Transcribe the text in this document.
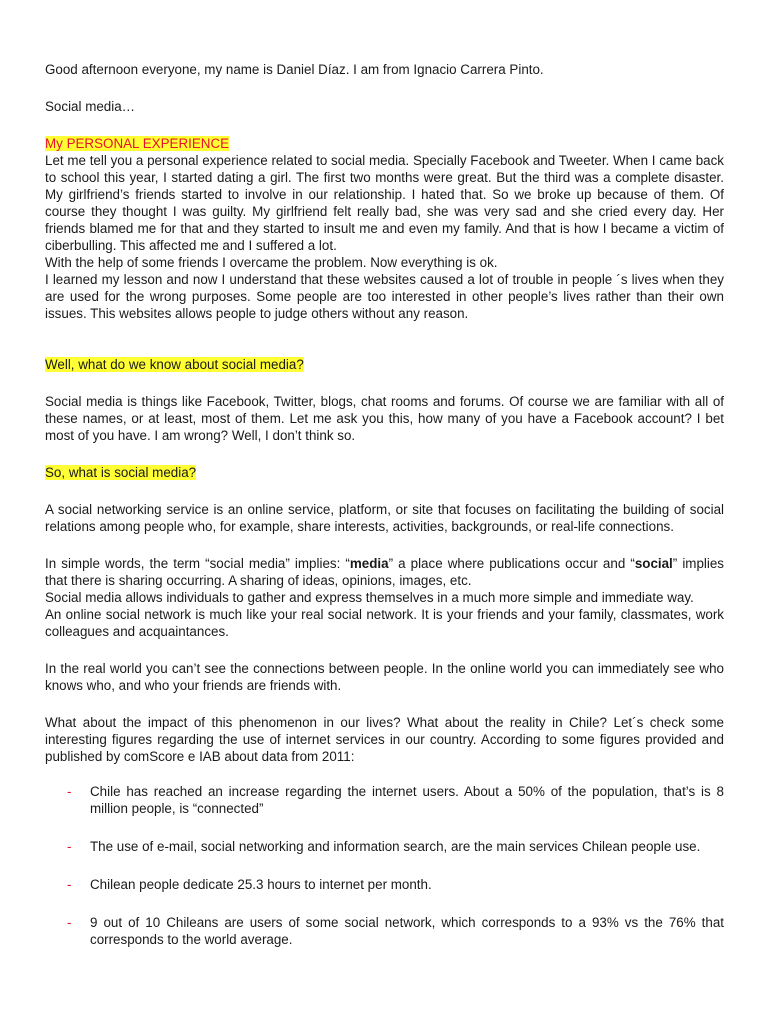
Good afternoon everyone, my name is Daniel Díaz. I am from Ignacio Carrera Pinto.

Social media…

My PERSONAL EXPERIENCE

Let me tell you a personal experience related to social media. Specially Facebook and Tweeter. When I came back to school this year, I started dating a girl. The first two months were great. But the third was a complete disaster. My girlfriend’s friends started to involve in our relationship. I hated that. So we broke up because of them. Of course they thought I was guilty. My girlfriend felt really bad, she was very sad and she cried every day. Her friends blamed me for that and they started to insult me and even my family. And that is how I became a victim of ciberbulling. This affected me and I suffered a lot.

With the help of some friends I overcame the problem. Now everything is ok.

I learned my lesson and now I understand that these websites caused a lot of trouble in people ´s lives when they are used for the wrong purposes. Some people are too interested in other people’s lives rather than their own issues. This websites allows people to judge others without any reason.

Well, what do we know about social media?

Social media is things like Facebook, Twitter, blogs, chat rooms and forums. Of course we are familiar with all of these names, or at least, most of them. Let me ask you this, how many of you have a Facebook account? I bet most of you have. I am wrong? Well, I don’t think so.

So, what is social media?

A social networking service is an online service, platform, or site that focuses on facilitating the building of social relations among people who, for example, share interests, activities, backgrounds, or real-life connections.

In simple words, the term “social media” implies: “media” a place where publications occur and “social” implies that there is sharing occurring. A sharing of ideas, opinions, images, etc.

Social media allows individuals to gather and express themselves in a much more simple and immediate way.

An online social network is much like your real social network. It is your friends and your family, classmates, work colleagues and acquaintances.

In the real world you can’t see the connections between people. In the online world you can immediately see who knows who, and who your friends are friends with.

What about the impact of this phenomenon in our lives? What about the reality in Chile? Let´s check some interesting figures regarding the use of internet services in our country. According to some figures provided and published by comScore e IAB about data from 2011:

- Chile has reached an increase regarding the internet users. About a 50% of the population, that’s is 8 million people, is “connected”
- The use of e-mail, social networking and information search, are the main services Chilean people use.
- Chilean people dedicate 25.3 hours to internet per month.
- 9 out of 10 Chileans are users of some social network, which corresponds to a 93% vs the 76% that corresponds to the world average.
